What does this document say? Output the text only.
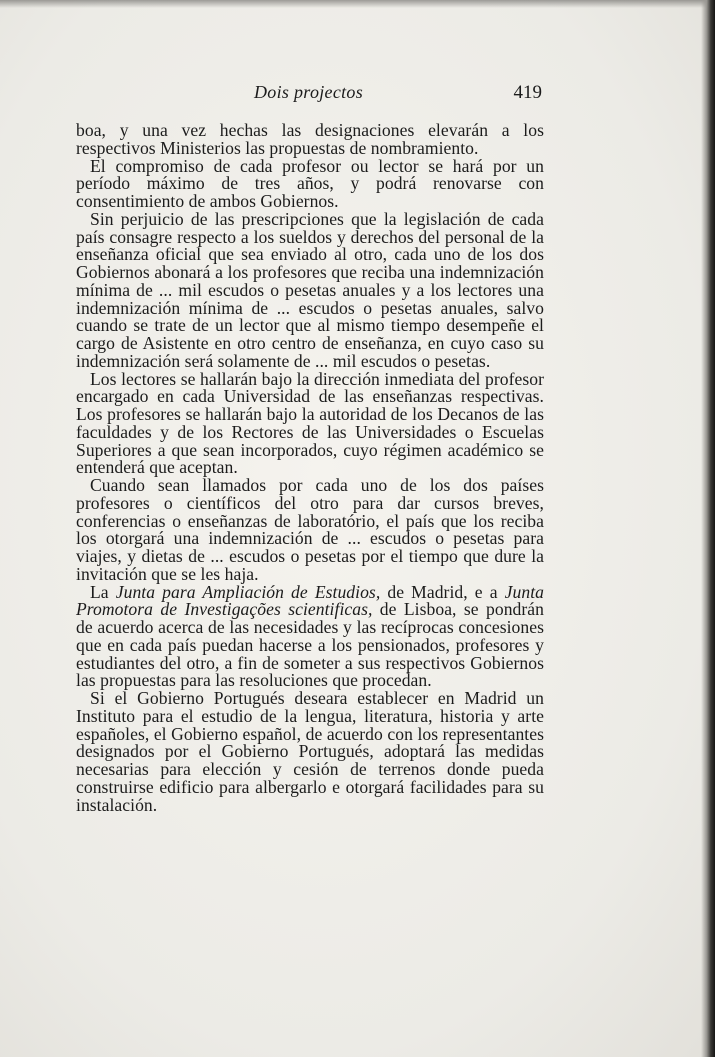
Dois projectos	419

boa, y una vez hechas las designaciones elevarán a los respectivos Ministerios las propuestas de nombramiento.

El compromiso de cada profesor ou lector se hará por un período máximo de tres años, y podrá renovarse con consentimiento de ambos Gobiernos.

Sin perjuicio de las prescripciones que la legislación de cada país consagre respecto a los sueldos y derechos del personal de la enseñanza oficial que sea enviado al otro, cada uno de los dos Gobiernos abonará a los profesores que reciba una indemnización mínima de ... mil escudos o pesetas anuales y a los lectores una indemnización mínima de ... escudos o pesetas anuales, salvo cuando se trate de un lector que al mismo tiempo desempeñe el cargo de Asistente en otro centro de enseñanza, en cuyo caso su indemnización será solamente de ... mil escudos o pesetas.

Los lectores se hallarán bajo la dirección inmediata del profesor encargado en cada Universidad de las enseñanzas respectivas. Los profesores se hallarán bajo la autoridad de los Decanos de las faculdades y de los Rectores de las Universidades o Escuelas Superiores a que sean incorporados, cuyo régimen académico se entenderá que aceptan.

Cuando sean llamados por cada uno de los dos países profesores o científicos del otro para dar cursos breves, conferencias o enseñanzas de laboratório, el país que los reciba los otorgará una indemnización de ... escudos o pesetas para viajes, y dietas de ... escudos o pesetas por el tiempo que dure la invitación que se les haja.

La Junta para Ampliación de Estudios, de Madrid, e a Junta Promotora de Investigações scientificas, de Lisboa, se pondrán de acuerdo acerca de las necesidades y las recíprocas concesiones que en cada país puedan hacerse a los pensionados, profesores y estudiantes del otro, a fin de someter a sus respectivos Gobiernos las propuestas para las resoluciones que procedan.

Si el Gobierno Portugués deseara establecer en Madrid un Instituto para el estudio de la lengua, literatura, historia y arte españoles, el Gobierno español, de acuerdo con los representantes designados por el Gobierno Portugués, adoptará las medidas necesarias para elección y cesión de terrenos donde pueda construirse edificio para albergarlo e otorgará facilidades para su instalación.
